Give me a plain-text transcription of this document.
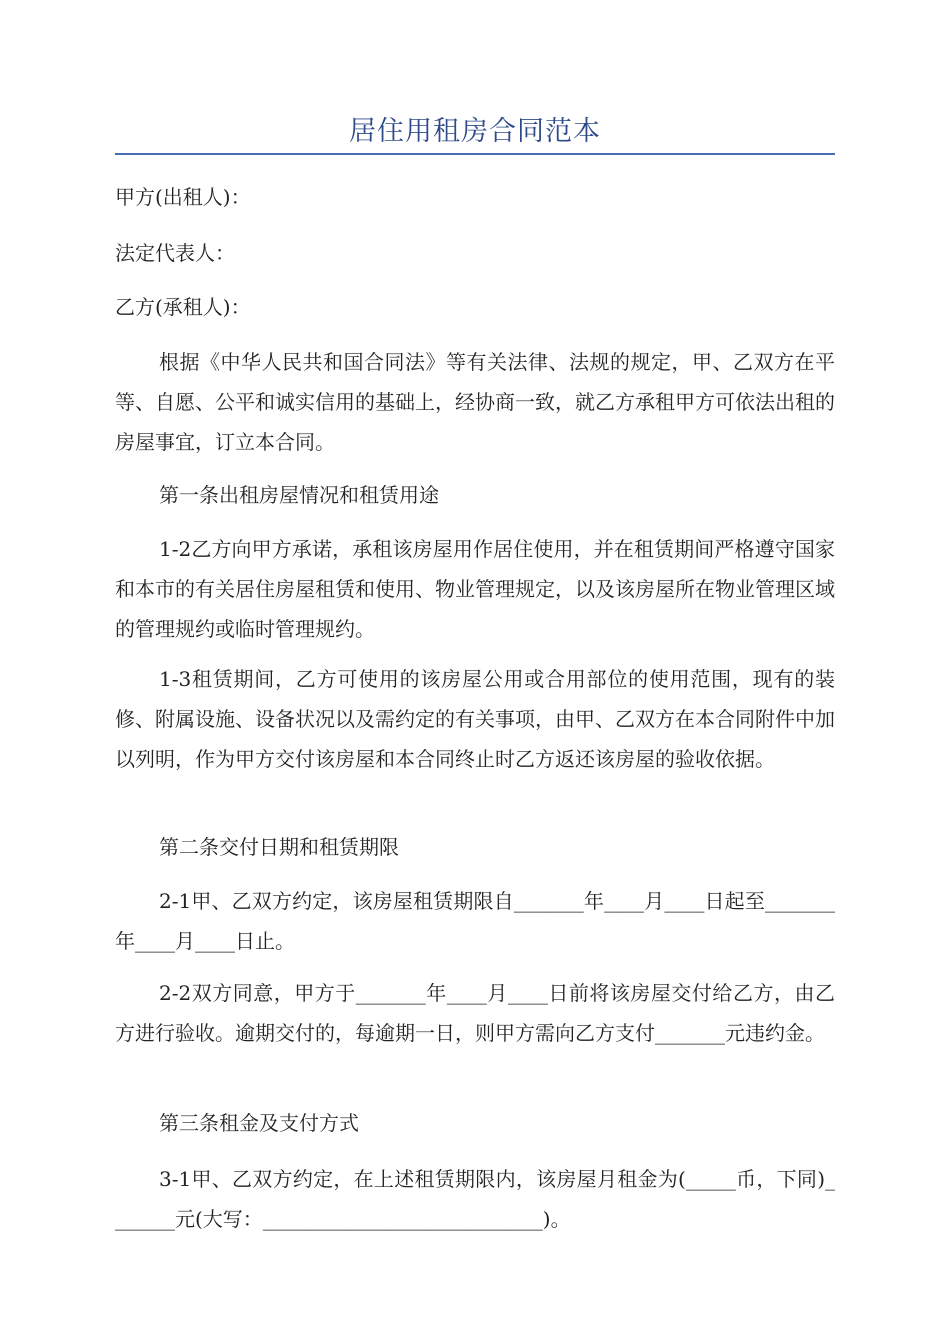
居住用租房合同范本
甲方(出租人)：
法定代表人：
乙方(承租人)：
根据《中华人民共和国合同法》等有关法律、法规的规定，甲、乙双方在平等、自愿、公平和诚实信用的基础上，经协商一致，就乙方承租甲方可依法出租的房屋事宜，订立本合同。
第一条出租房屋情况和租赁用途
1-2乙方向甲方承诺，承租该房屋用作居住使用，并在租赁期间严格遵守国家和本市的有关居住房屋租赁和使用、物业管理规定，以及该房屋所在物业管理区域的管理规约或临时管理规约。
1-3租赁期间，乙方可使用的该房屋公用或合用部位的使用范围，现有的装修、附属设施、设备状况以及需约定的有关事项，由甲、乙双方在本合同附件中加以列明，作为甲方交付该房屋和本合同终止时乙方返还该房屋的验收依据。
第二条交付日期和租赁期限
2-1甲、乙双方约定，该房屋租赁期限自_______年____月____日起至_______年____月____日止。
2-2双方同意，甲方于_______年____月____日前将该房屋交付给乙方，由乙方进行验收。逾期交付的，每逾期一日，则甲方需向乙方支付_______元违约金。
第三条租金及支付方式
3-1甲、乙双方约定，在上述租赁期限内，该房屋月租金为(_____币，下同)_______元(大写：____________________________)。
